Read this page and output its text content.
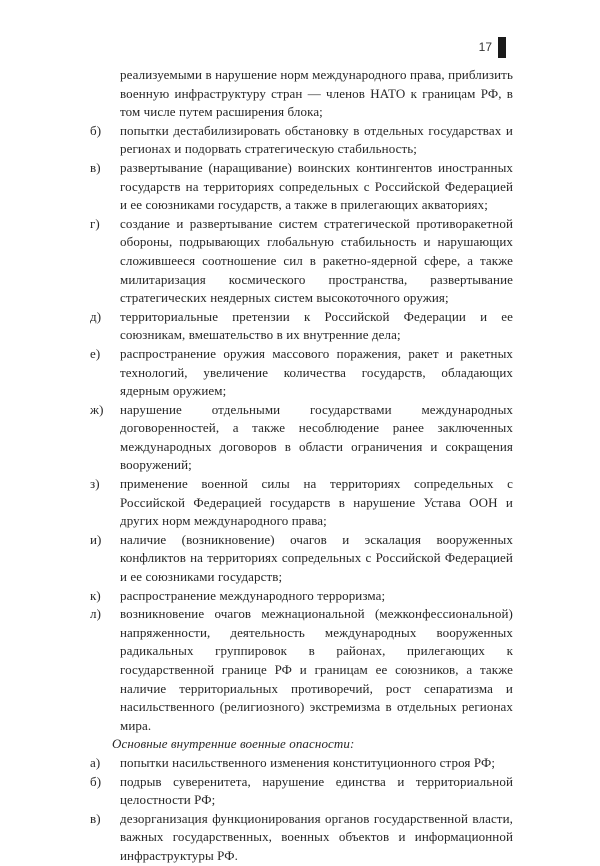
17
реализуемыми в нарушение норм международного права, приблизить военную инфраструктуру стран — членов НАТО к границам РФ, в том числе путем расширения блока;
б)	попытки дестабилизировать обстановку в отдельных государствах и регионах и подорвать стратегическую стабильность;
в)	развертывание (наращивание) воинских контингентов иностранных государств на территориях сопредельных с Российской Федерацией и ее союзниками государств, а также в прилегающих акваториях;
г)	создание и развертывание систем стратегической противоракетной обороны, подрывающих глобальную стабильность и нарушающих сложившееся соотношение сил в ракетно-ядерной сфере, а также милитаризация космического пространства, развертывание стратегических неядерных систем высокоточного оружия;
д)	территориальные претензии к Российской Федерации и ее союзникам, вмешательство в их внутренние дела;
е)	распространение оружия массового поражения, ракет и ракетных технологий, увеличение количества государств, обладающих ядерным оружием;
ж)	нарушение отдельными государствами международных договоренностей, а также несоблюдение ранее заключенных международных договоров в области ограничения и сокращения вооружений;
з)	применение военной силы на территориях сопредельных с Российской Федерацией государств в нарушение Устава ООН и других норм международного права;
и)	наличие (возникновение) очагов и эскалация вооруженных конфликтов на территориях сопредельных с Российской Федерацией и ее союзниками государств;
к)	распространение международного терроризма;
л)	возникновение очагов межнациональной (межконфессиональной) напряженности, деятельность международных вооруженных радикальных группировок в районах, прилегающих к государственной границе РФ и границам ее союзников, а также наличие территориальных противоречий, рост сепаратизма и насильственного (религиозного) экстремизма в отдельных регионах мира.
Основные внутренние военные опасности:
а)	попытки насильственного изменения конституционного строя РФ;
б)	подрыв суверенитета, нарушение единства и территориальной целостности РФ;
в)	дезорганизация функционирования органов государственной власти, важных государственных, военных объектов и информационной инфраструктуры РФ.
